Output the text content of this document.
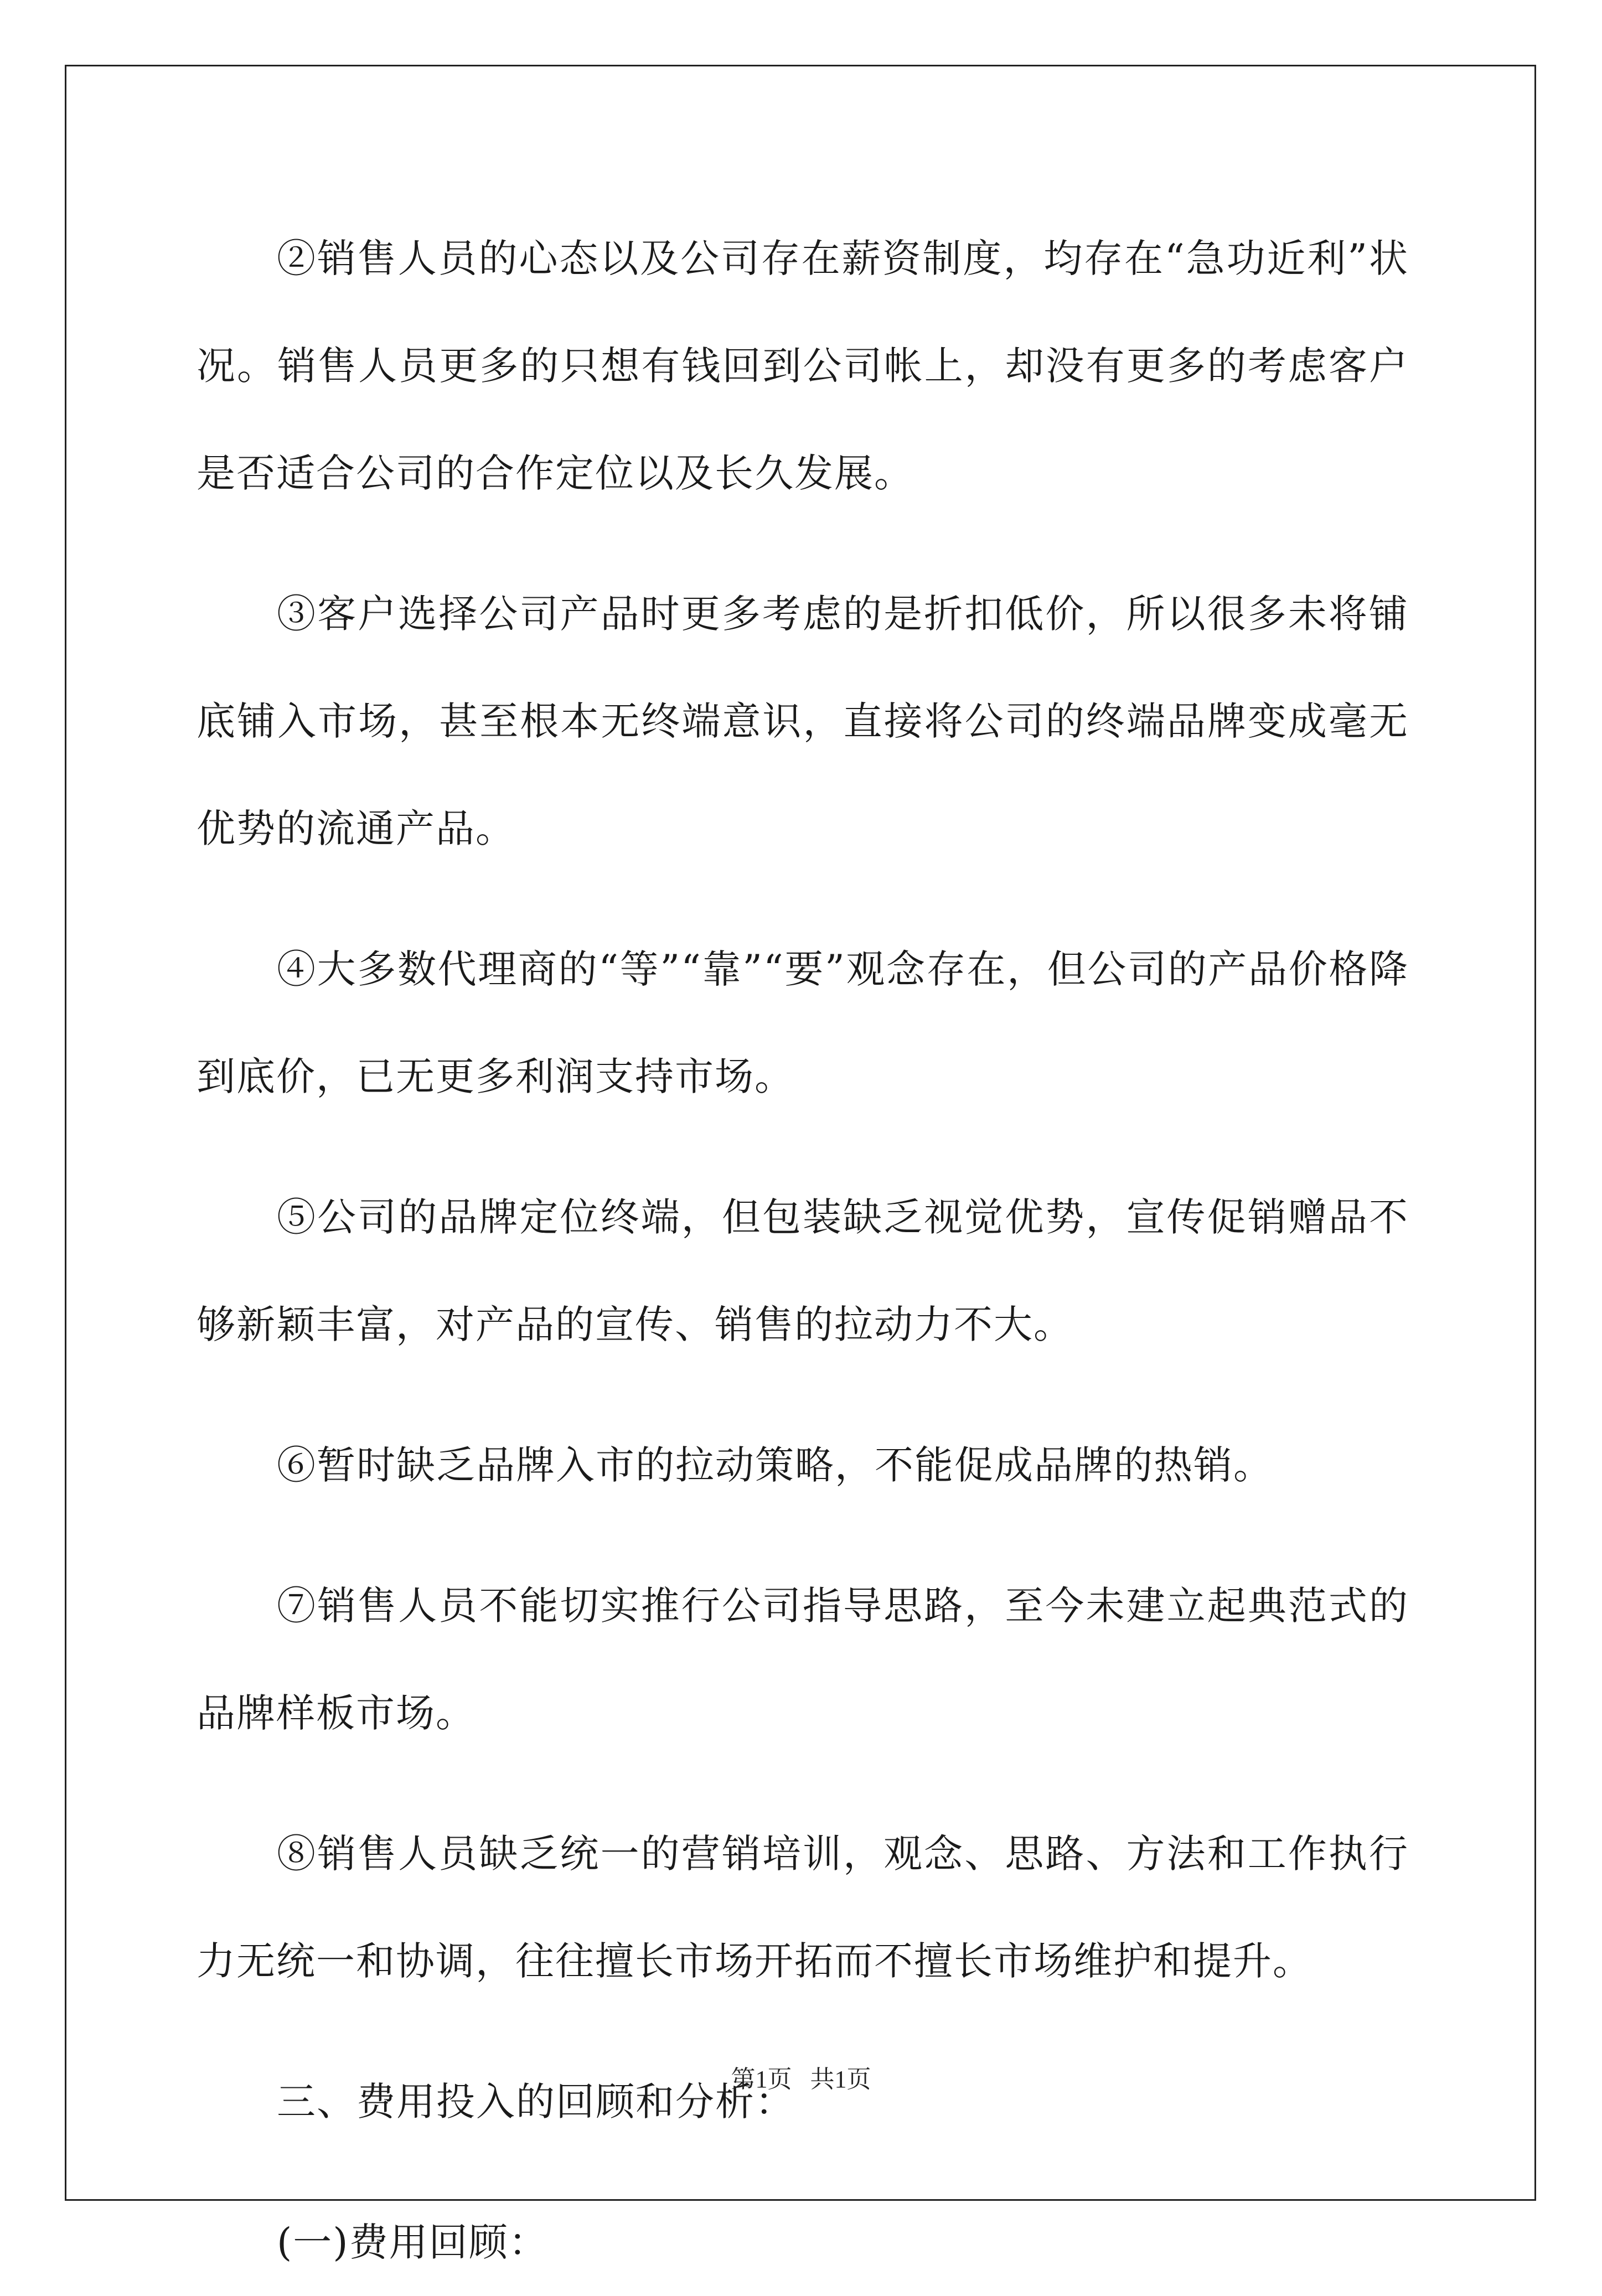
②销售人员的心态以及公司存在薪资制度，均存在“急功近利”状况。销售人员更多的只想有钱回到公司帐上，却没有更多的考虑客户是否适合公司的合作定位以及长久发展。

③客户选择公司产品时更多考虑的是折扣低价，所以很多未将铺底铺入市场，甚至根本无终端意识，直接将公司的终端品牌变成毫无优势的流通产品。

④大多数代理商的“等”“靠”“要”观念存在，但公司的产品价格降到底价，已无更多利润支持市场。

⑤公司的品牌定位终端，但包装缺乏视觉优势，宣传促销赠品不够新颖丰富，对产品的宣传、销售的拉动力不大。

⑥暂时缺乏品牌入市的拉动策略，不能促成品牌的热销。

⑦销售人员不能切实推行公司指导思路，至今未建立起典范式的品牌样板市场。

⑧销售人员缺乏统一的营销培训，观念、思路、方法和工作执行力无统一和协调，往往擅长市场开拓而不擅长市场维护和提升。

三、费用投入的回顾和分析：

(一)费用回顾：

第1页   共1页
